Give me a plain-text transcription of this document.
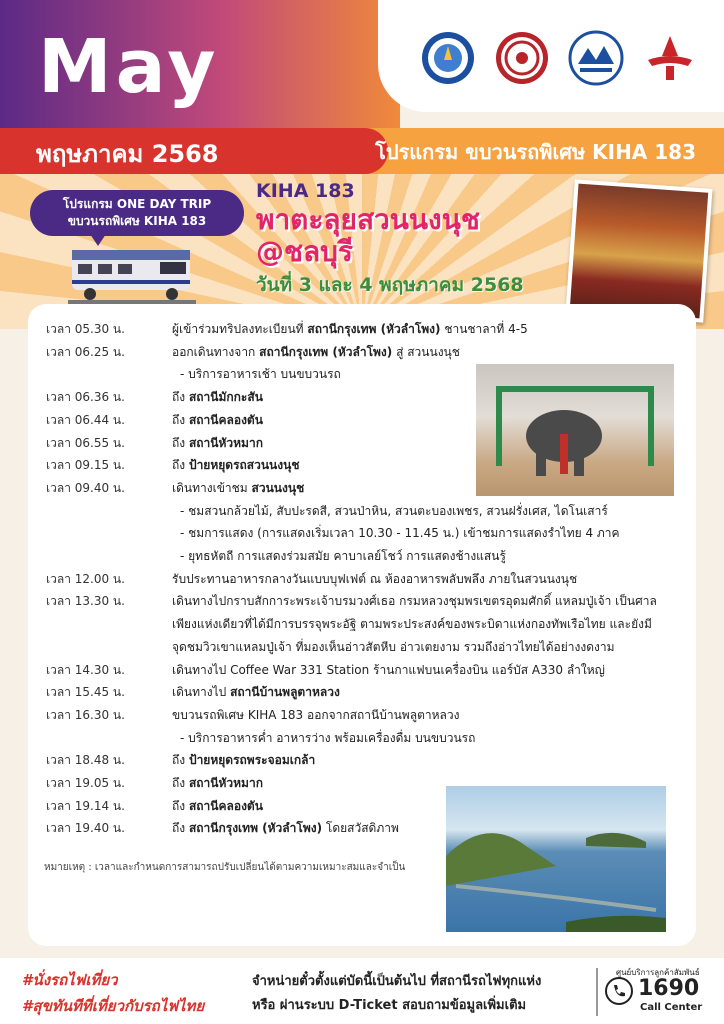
May
พฤษภาคม 2568	โปรแกรม ขบวนรถพิเศษ KIHA 183
โปรแกรม ONE DAY TRIP
ขบวนรถพิเศษ KIHA 183
KIHA 183
พาตะลุยสวนนงนุช
@ชลบุรี
วันที่ 3 และ 4 พฤษภาคม 2568
เวลา 05.30 น.	ผู้เข้าร่วมทริปลงทะเบียนที่ สถานีกรุงเทพ (หัวลำโพง) ชานชาลาที่ 4-5
เวลา 06.25 น.	ออกเดินทางจาก สถานีกรุงเทพ (หัวลำโพง) สู่ สวนนงนุช
- บริการอาหารเช้า บนขบวนรถ
เวลา 06.36 น.	ถึง สถานีมักกะสัน
เวลา 06.44 น.	ถึง สถานีคลองตัน
เวลา 06.55 น.	ถึง สถานีหัวหมาก
เวลา 09.15 น.	ถึง ป้ายหยุดรถสวนนงนุช
เวลา 09.40 น.	เดินทางเข้าชม สวนนงนุช
- ชมสวนกล้วยไม้, สับปะรดสี, สวนป่าหิน, สวนตะบองเพชร, สวนฝรั่งเศส, ไดโนเสาร์
- ชมการแสดง (การแสดงเริ่มเวลา 10.30 - 11.45 น.) เข้าชมการแสดงรำไทย 4 ภาค
- ยุทธหัตถี การแสดงร่วมสมัย คาบาเลย์โชว์ การแสดงช้างแสนรู้
เวลา 12.00 น.	รับประทานอาหารกลางวันแบบบุฟเฟต์ ณ ห้องอาหารพลับพลึง ภายในสวนนงนุช
เวลา 13.30 น.	เดินทางไปกราบสักการะพระเจ้าบรมวงศ์เธอ กรมหลวงชุมพรเขตรอุดมศักดิ์ แหลมปู่เจ้า เป็นศาล
เพียงแห่งเดียวที่ได้มีการบรรจุพระอัฐิ ตามพระประสงค์ของพระบิดาแห่งกองทัพเรือไทย และยังมี
จุดชมวิวเขาแหลมปู่เจ้า ที่มองเห็นอ่าวสัตหีบ อ่าวเตยงาม รวมถึงอ่าวไทยได้อย่างงดงาม
เวลา 14.30 น.	เดินทางไป Coffee War 331 Station ร้านกาแฟบนเครื่องบิน แอร์บัส A330 ลำใหญ่
เวลา 15.45 น.	เดินทางไป สถานีบ้านพลูตาหลวง
เวลา 16.30 น.	ขบวนรถพิเศษ KIHA 183 ออกจากสถานีบ้านพลูตาหลวง
- บริการอาหารค่ำ อาหารว่าง พร้อมเครื่องดื่ม บนขบวนรถ
เวลา 18.48 น.	ถึง ป้ายหยุดรถพระจอมเกล้า
เวลา 19.05 น.	ถึง สถานีหัวหมาก
เวลา 19.14 น.	ถึง สถานีคลองตัน
เวลา 19.40 น.	ถึง สถานีกรุงเทพ (หัวลำโพง) โดยสวัสดิภาพ
หมายเหตุ : เวลาและกำหนดการสามารถปรับเปลี่ยนได้ตามความเหมาะสมและจำเป็น
#นั่งรถไฟเที่ยว
#สุขทันทีที่เที่ยวกับรถไฟไทย
จำหน่ายตั๋วตั้งแต่บัดนี้เป็นต้นไป ที่สถานีรถไฟทุกแห่ง
หรือ ผ่านระบบ D-Ticket สอบถามข้อมูลเพิ่มเติม
ศูนย์บริการลูกค้าสัมพันธ์
1690
Call Center
